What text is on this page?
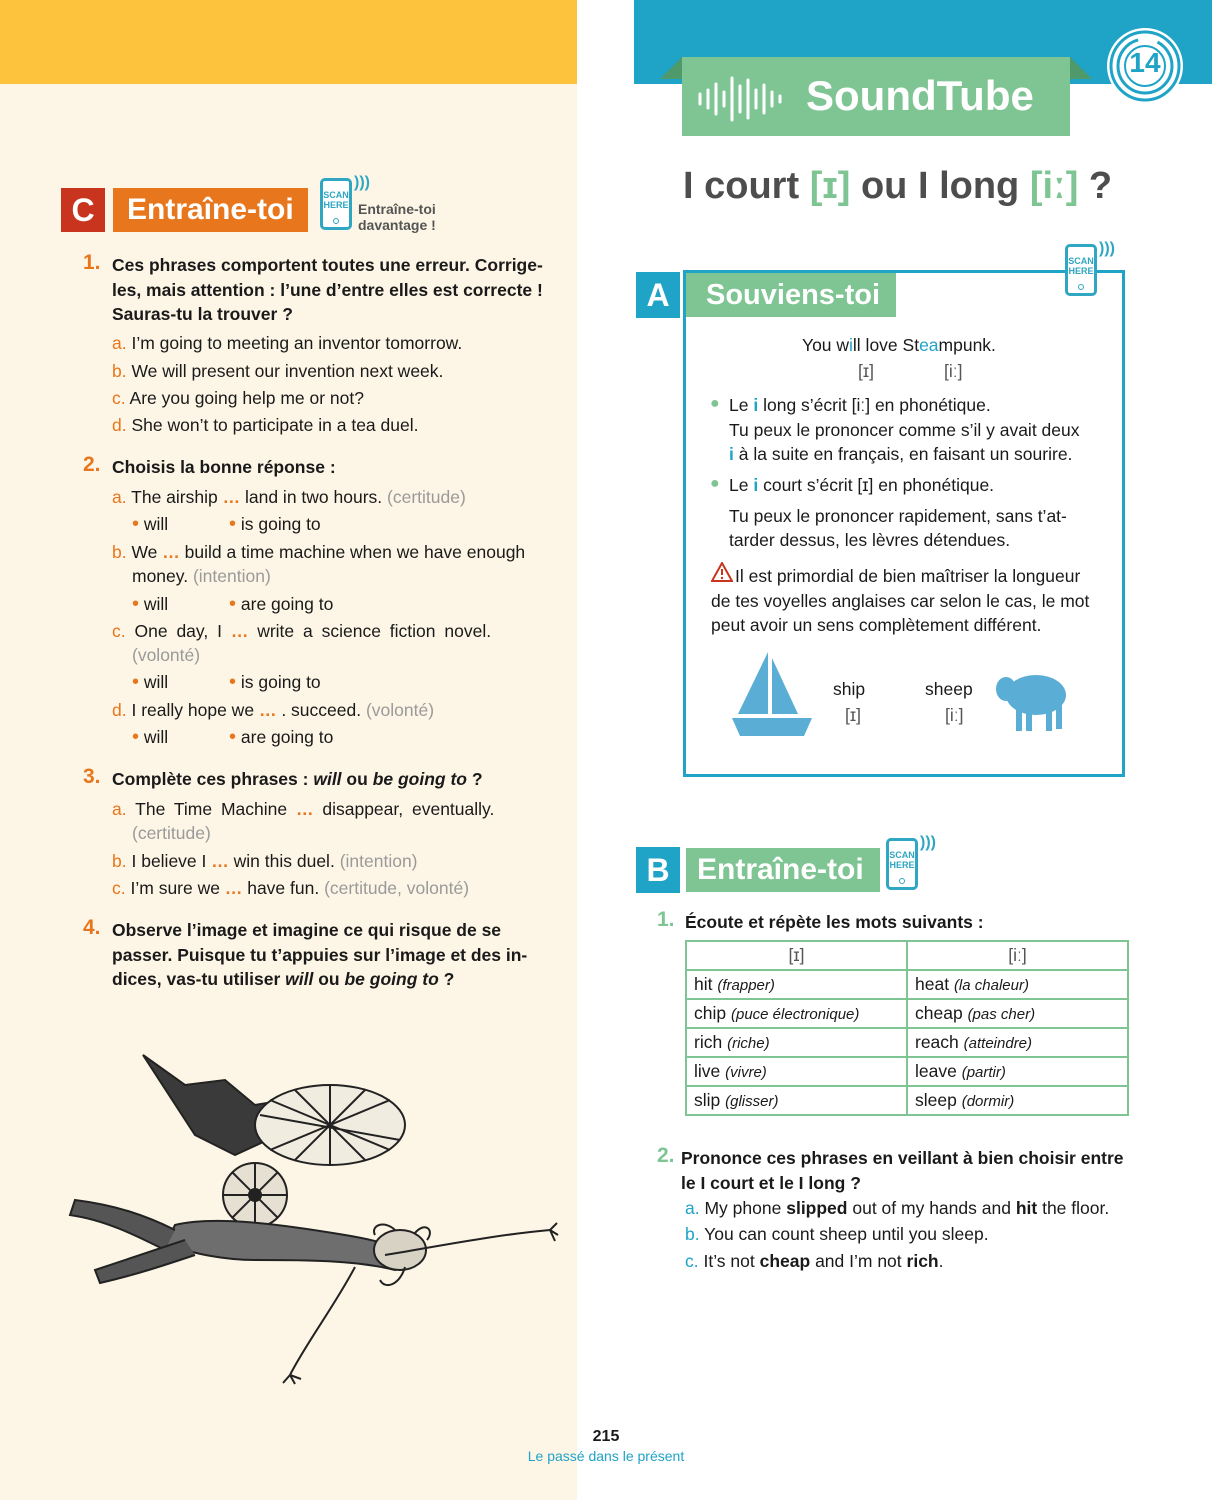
C	Entraîne-toi	SCAN HERE
)))
Entraîne-toi
davantage !
1. Ces phrases comportent toutes une erreur. Corrige-
les, mais attention : l’une d’entre elles est correcte !
Sauras-tu la trouver ?
a. I’m going to meeting an inventor tomorrow.
b. We will present our invention next week.
c. Are you going help me or not?
d. She won’t to participate in a tea duel.
2. Choisis la bonne réponse :
a. The airship … land in two hours. (certitude)
• will	• is going to
b. We … build a time machine when we have enough
money. (intention)
• will	• are going to
c. One day, I … write a science fiction novel.
(volonté)
• will	• is going to
d. I really hope we … . succeed. (volonté)
• will	• are going to
3. Complète ces phrases : will ou be going to ?
a. The Time Machine … disappear, eventually.
(certitude)
b. I believe I … win this duel. (intention)
c. I’m sure we … have fun. (certitude, volonté)
4. Observe l’image et imagine ce qui risque de se
passer. Puisque tu t’appuies sur l’image et des in-
dices, vas-tu utiliser will ou be going to ?
SoundTube
14
I court [ɪ] ou I long [iː] ?
A	Souviens-toi
SCAN HERE
)))
You will love Steampunk.
[ɪ]	[iː]
● Le i long s’écrit [iː] en phonétique.
Tu peux le prononcer comme s’il y avait deux
i à la suite en français, en faisant un sourire.
● Le i court s’écrit [ɪ] en phonétique.
Tu peux le prononcer rapidement, sans t’at-
tarder dessus, les lèvres détendues.
Il est primordial de bien maîtriser la longueur
de tes voyelles anglaises car selon le cas, le mot
peut avoir un sens complètement différent.
ship
[ɪ]
sheep
[iː]
B Entraîne-toi	SCAN HERE
)))
1. Écoute et répète les mots suivants :
[ɪ]	[iː]
hit (frapper)	heat (la chaleur)
chip (puce électronique)	cheap (pas cher)
rich (riche)	reach (atteindre)
live (vivre)	leave (partir)
slip (glisser)	sleep (dormir)
2. Prononce ces phrases en veillant à bien choisir entre
le I court et le I long ?
a. My phone slipped out of my hands and hit the floor.
b. You can count sheep until you sleep.
c. It’s not cheap and I’m not rich.
215
Le passé dans le présent
